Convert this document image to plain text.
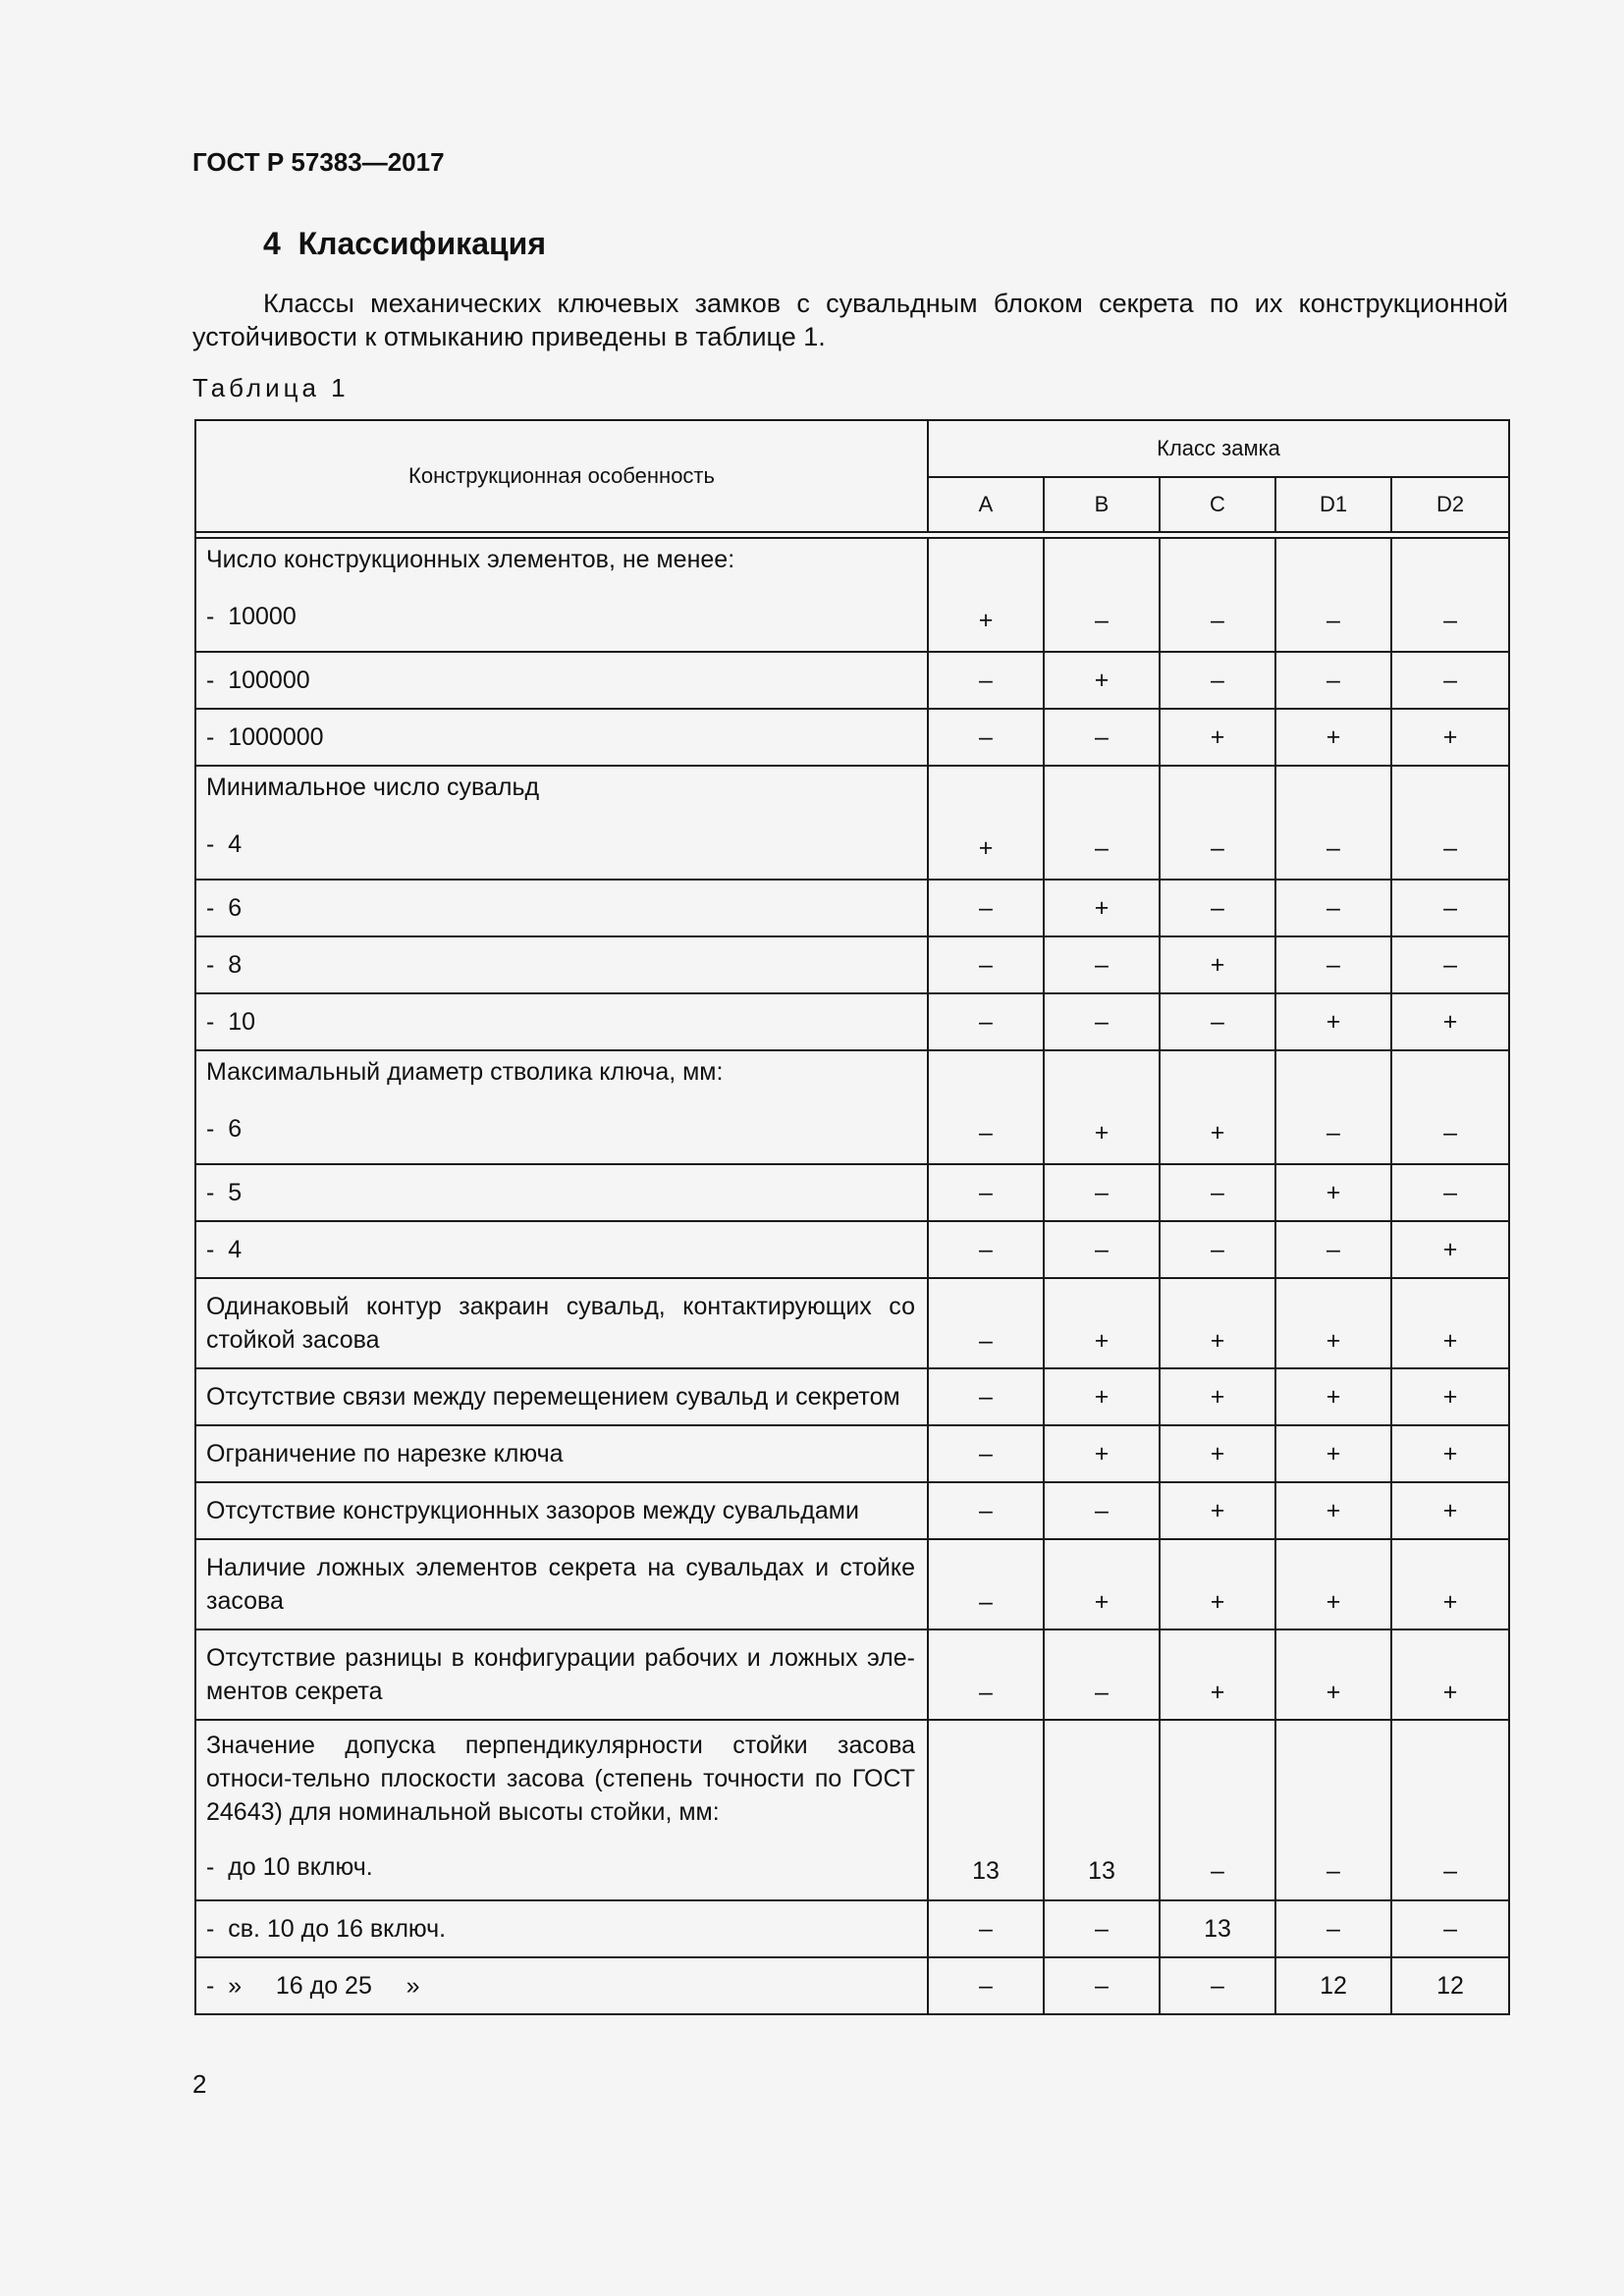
ГОСТ Р 57383—2017
4  Классификация
Классы механических ключевых замков с сувальдным блоком секрета по их конструкционной устойчивости к отмыканию приведены в таблице 1.
Таблица 1
Конструкционная особенность	Класс замка				
	A	B	C	D1	D2

Число конструкционных элементов, не менее:
-  10000	+	–	–	–	–
-  100000	–	+	–	–	–
-  1000000	–	–	+	+	+

Минимальное число сувальд
-  4	+	–	–	–	–
-  6	–	+	–	–	–
-  8	–	–	+	–	–
-  10	–	–	–	+	+

Максимальный диаметр стволика ключа, мм:
-  6	–	+	+	–	–
-  5	–	–	–	+	–
-  4	–	–	–	–	+
Одинаковый контур закраин сувальд, контактирующих со стойкой засова	–	+	+	+	+
Отсутствие связи между перемещением сувальд и секретом	–	+	+	+	+
Ограничение по нарезке ключа	–	+	+	+	+
Отсутствие конструкционных зазоров между сувальдами	–	–	+	+	+
Наличие ложных элементов секрета на сувальдах и стойке засова	–	+	+	+	+
Отсутствие разницы в конфигурации рабочих и ложных эле-ментов секрета	–	–	+	+	+

Значение допуска перпендикулярности стойки засова относи-тельно плоскости засова (степень точности по ГОСТ 24643) для номинальной высоты стойки, мм:
-  до 10 включ.	13	13	–	–	–
-  св. 10 до 16 включ.	–	–	13	–	–
-  »     16 до 25     »	–	–	–	12	12
2
